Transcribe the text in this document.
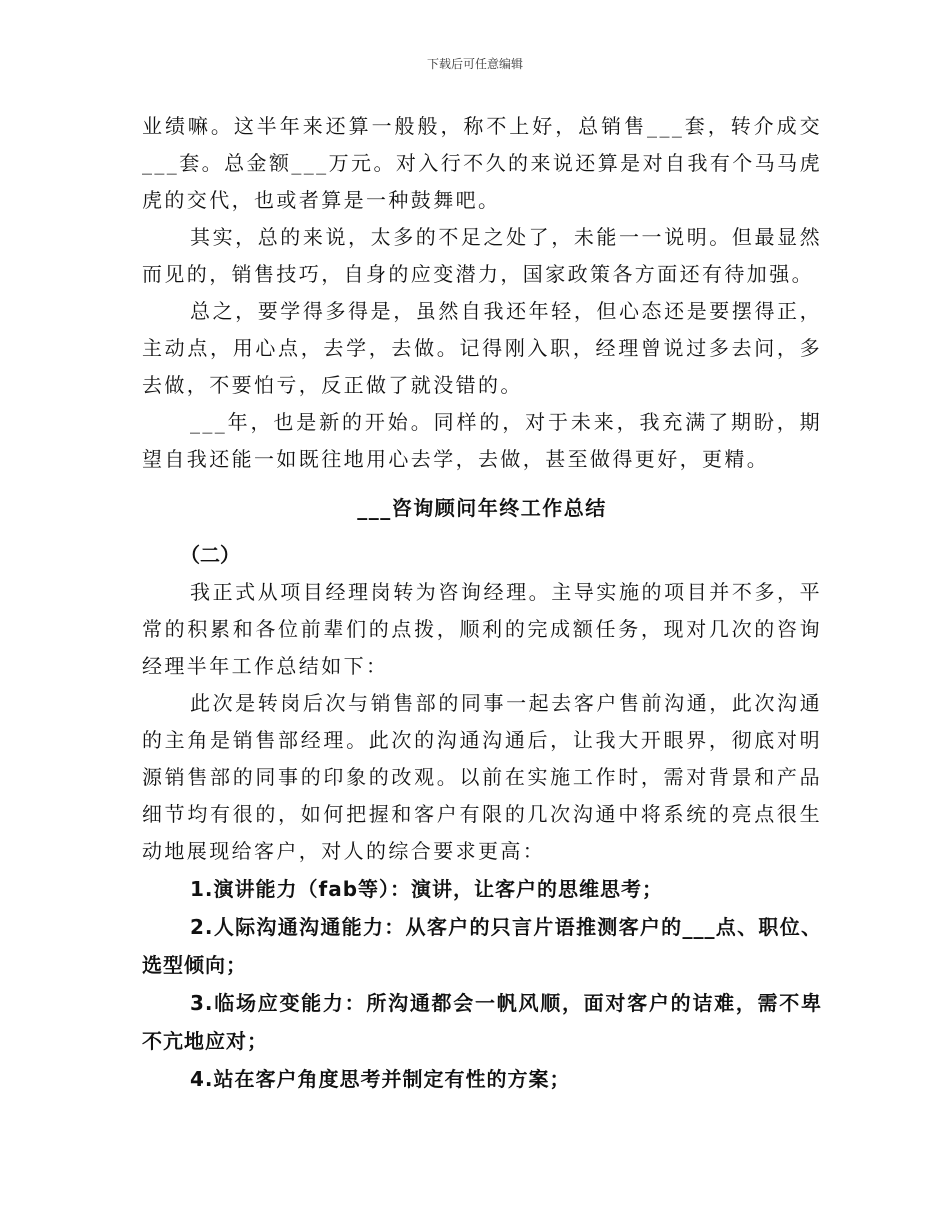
下载后可任意编辑

业绩嘛。这半年来还算一般般，称不上好，总销售___套，转介成交___套。总金额___万元。对入行不久的来说还算是对自我有个马马虎虎的交代，也或者算是一种鼓舞吧。

其实，总的来说，太多的不足之处了，未能一一说明。但最显然而见的，销售技巧，自身的应变潜力，国家政策各方面还有待加强。

总之，要学得多得是，虽然自我还年轻，但心态还是要摆得正，主动点，用心点，去学，去做。记得刚入职，经理曾说过多去问，多去做，不要怕亏，反正做了就没错的。

___年，也是新的开始。同样的，对于未来，我充满了期盼，期望自我还能一如既往地用心去学，去做，甚至做得更好，更精。

___咨询顾问年终工作总结
（二）

我正式从项目经理岗转为咨询经理。主导实施的项目并不多，平常的积累和各位前辈们的点拨，顺利的完成额任务，现对几次的咨询经理半年工作总结如下：

此次是转岗后次与销售部的同事一起去客户售前沟通，此次沟通的主角是销售部经理。此次的沟通沟通后，让我大开眼界，彻底对明源销售部的同事的印象的改观。以前在实施工作时，需对背景和产品细节均有很的，如何把握和客户有限的几次沟通中将系统的亮点很生动地展现给客户，对人的综合要求更高：

1.演讲能力（fab等）：演讲，让客户的思维思考；

2.人际沟通沟通能力：从客户的只言片语推测客户的___点、职位、选型倾向；

3.临场应变能力：所沟通都会一帆风顺，面对客户的诘难，需不卑不亢地应对；

4.站在客户角度思考并制定有性的方案；
